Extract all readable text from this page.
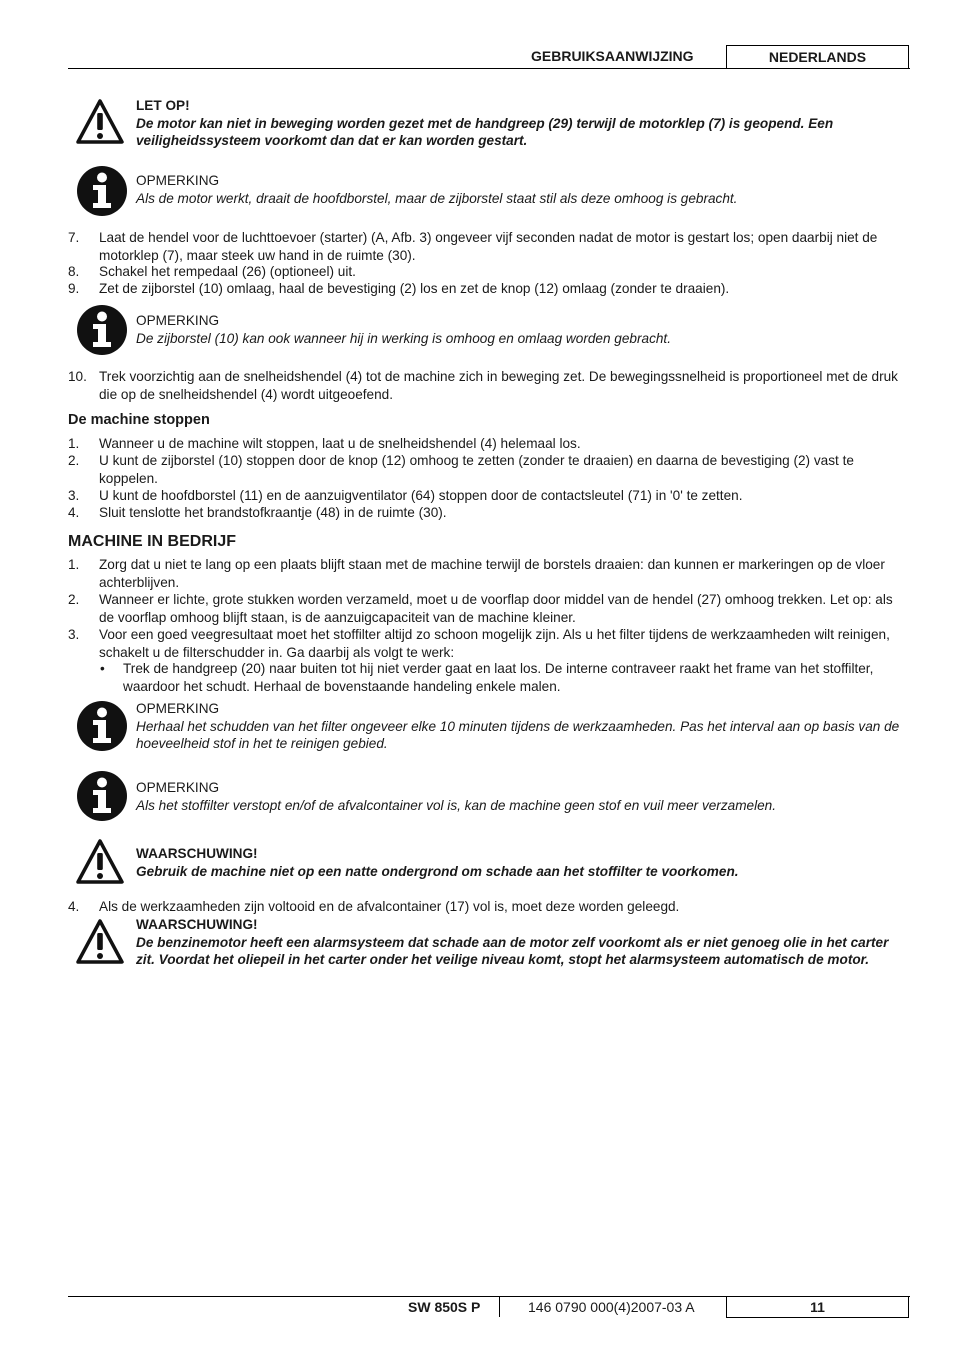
GEBRUIKSAANWIJZING	NEDERLANDS
LET OP!
De motor kan niet in beweging worden gezet met de handgreep (29) terwijl de motorklep (7) is geopend. Een veiligheidssysteem voorkomt dan dat er kan worden gestart.
OPMERKING
Als de motor werkt, draait de hoofdborstel, maar de zijborstel staat stil als deze omhoog is gebracht.
7. Laat de hendel voor de luchttoevoer (starter) (A, Afb. 3) ongeveer vijf seconden nadat de motor is gestart los; open daarbij niet de motorklep (7), maar steek uw hand in de ruimte (30).
8. Schakel het rempedaal (26) (optioneel) uit.
9. Zet de zijborstel (10) omlaag, haal de bevestiging (2) los en zet de knop (12) omlaag (zonder te draaien).
OPMERKING
De zijborstel (10) kan ook wanneer hij in werking is omhoog en omlaag worden gebracht.
10. Trek voorzichtig aan de snelheidshendel (4) tot de machine zich in beweging zet. De bewegingssnelheid is proportioneel met de druk die op de snelheidshendel (4) wordt uitgeoefend.
De machine stoppen
1. Wanneer u de machine wilt stoppen, laat u de snelheidshendel (4) helemaal los.
2. U kunt de zijborstel (10) stoppen door de knop (12) omhoog te zetten (zonder te draaien) en daarna de bevestiging (2) vast te koppelen.
3. U kunt de hoofdborstel (11) en de aanzuigventilator (64) stoppen door de contactsleutel (71) in '0' te zetten.
4. Sluit tenslotte het brandstofkraantje (48) in de ruimte (30).
MACHINE IN BEDRIJF
1. Zorg dat u niet te lang op een plaats blijft staan met de machine terwijl de borstels draaien: dan kunnen er markeringen op de vloer achterblijven.
2. Wanneer er lichte, grote stukken worden verzameld, moet u de voorflap door middel van de hendel (27) omhoog trekken. Let op: als de voorflap omhoog blijft staan, is de aanzuigcapaciteit van de machine kleiner.
3. Voor een goed veegresultaat moet het stoffilter altijd zo schoon mogelijk zijn. Als u het filter tijdens de werkzaamheden wilt reinigen, schakelt u de filterschudder in. Ga daarbij als volgt te werk:
• Trek de handgreep (20) naar buiten tot hij niet verder gaat en laat los. De interne contraveer raakt het frame van het stoffilter, waardoor het schudt. Herhaal de bovenstaande handeling enkele malen.
OPMERKING
Herhaal het schudden van het filter ongeveer elke 10 minuten tijdens de werkzaamheden. Pas het interval aan op basis van de hoeveelheid stof in het te reinigen gebied.
OPMERKING
Als het stoffilter verstopt en/of de afvalcontainer vol is, kan de machine geen stof en vuil meer verzamelen.
WAARSCHUWING!
Gebruik de machine niet op een natte ondergrond om schade aan het stoffilter te voorkomen.
4. Als de werkzaamheden zijn voltooid en de afvalcontainer (17) vol is, moet deze worden geleegd.
WAARSCHUWING!
De benzinemotor heeft een alarmsysteem dat schade aan de motor zelf voorkomt als er niet genoeg olie in het carter zit. Voordat het oliepeil in het carter onder het veilige niveau komt, stopt het alarmsysteem automatisch de motor.
SW 850S P	146 0790 000(4)2007-03 A	11
